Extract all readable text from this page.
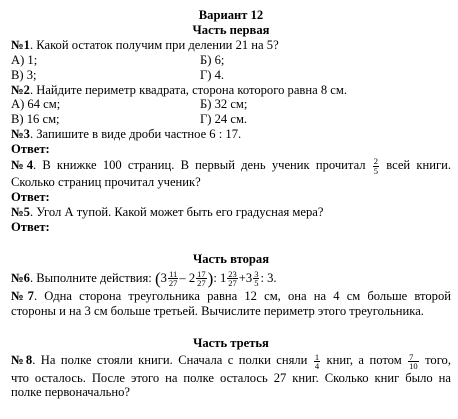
Вариант 12
Часть первая
№1. Какой остаток получим при делении 21 на 5?
А) 1;	Б) 6;
В) 3;	Г) 4.
№2. Найдите периметр квадрата, сторона которого равна 8 см.
А) 64 см;	Б) 32 см;
В) 16 см;	Г) 24 см.
№3. Запишите в виде дроби частное 6 : 17.
Ответ:
№4. В книжке 100 страниц. В первый день ученик прочитал $\frac{2}{5}$ всей книги.
Сколько страниц прочитал ученик?
Ответ:
№5. Угол А тупой. Какой может быть его градусная мера?
Ответ:
Часть вторая
№6. Выполните действия: ($3 \frac{11}{27} - 2 \frac{17}{27}$ ): $1 \frac{23}{27} +3 \frac{3}{5}$ : 3.
№7. Одна сторона треугольника равна 12 см, она на 4 см больше второй
стороны и на 3 см больше третьей. Вычислите периметр этого треугольника.
Часть третья
№8. На полке стояли книги. Сначала с полки сняли $\frac{1}{4}$ книг, а потом $\frac{7}{10}$ того,
что осталось. После этого на полке осталось 27 книг. Сколько книг было на
полке первоначально?
